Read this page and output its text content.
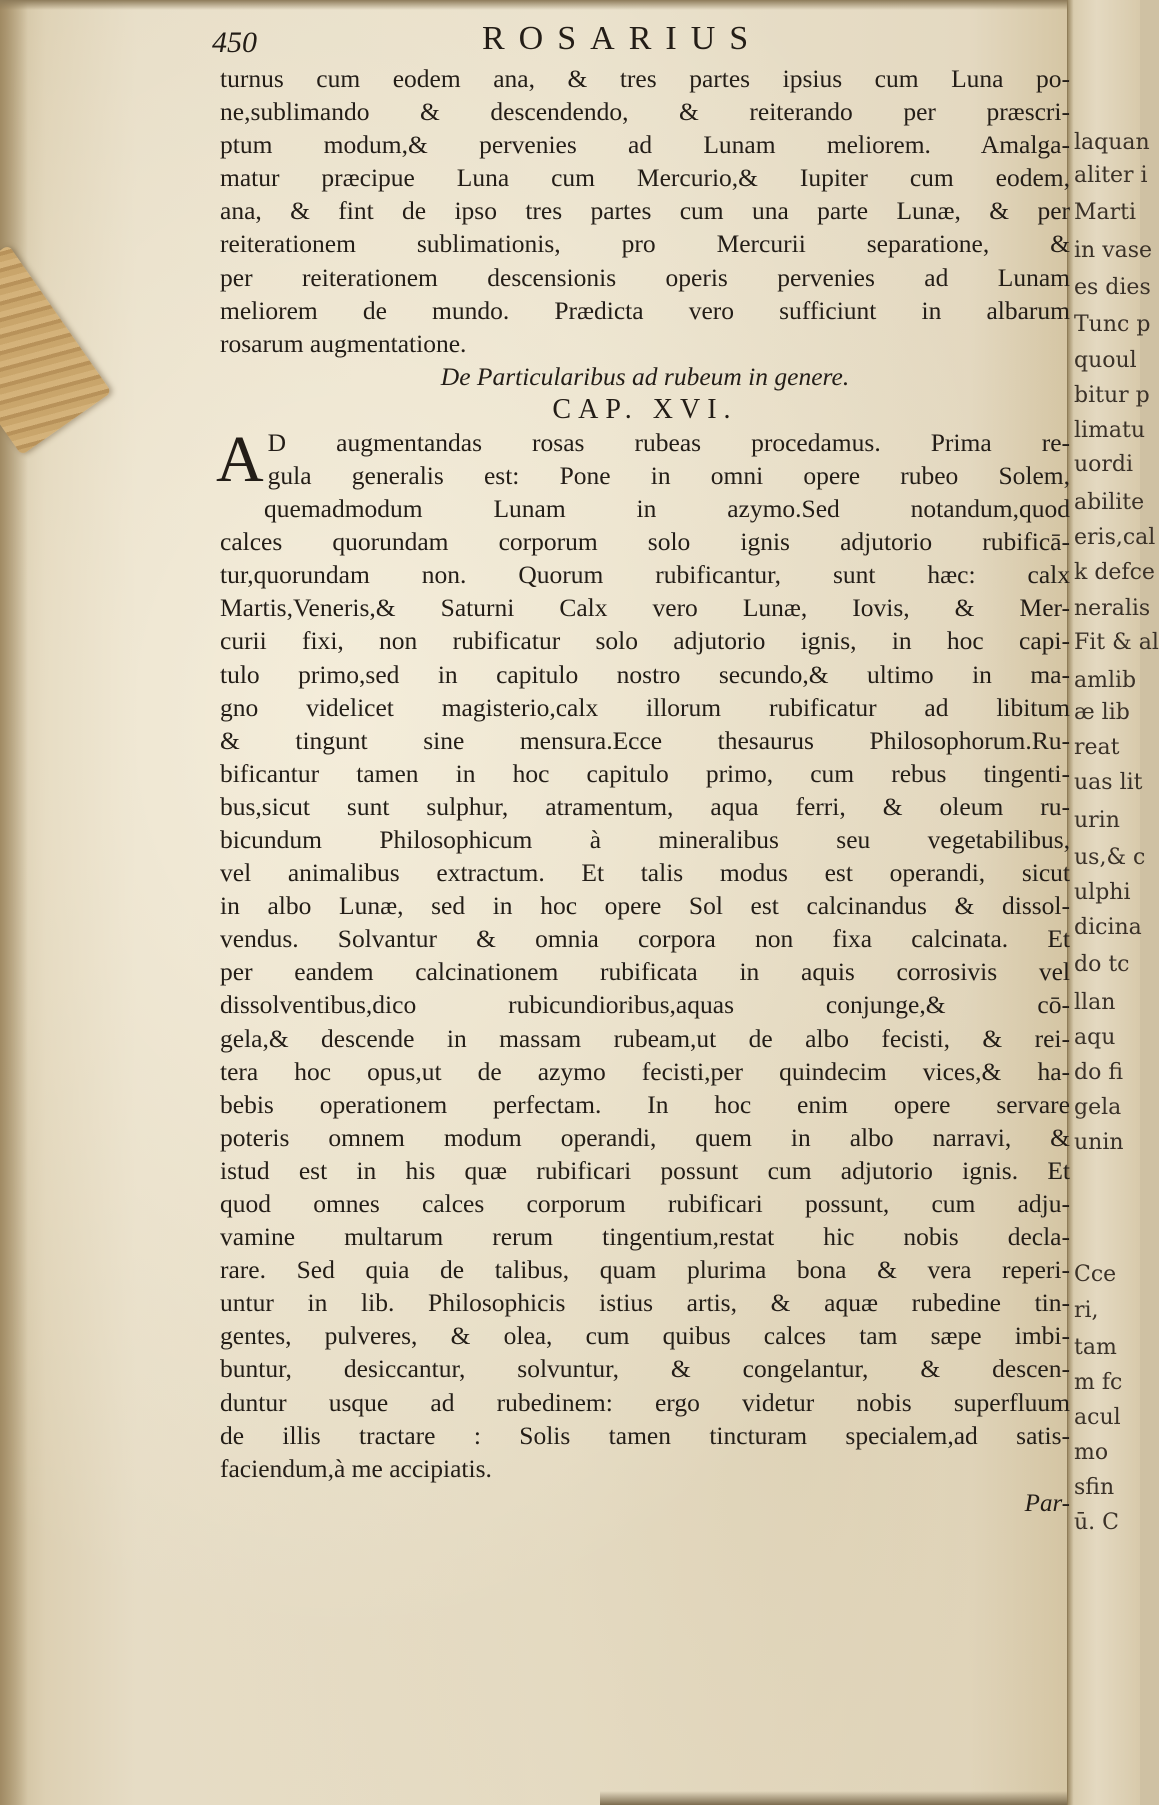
laquan
aliter i
Marti
in vase
es dies
Tunc p
quoul
bitur p
limatu
uordi
abilite
eris,cal
k defce
neralis
Fit & al
amlib
æ lib
reat
uas lit
urin
us,& c
ulphi
dicina
do tc
llan
aqu
do fi
gela
unin
Cce
ri,
tam
m fc
acul
mo
sfin
ū. C
450	ROSARIUS
turnus cum eodem ana, & tres partes ipsius cum Luna po-
ne,sublimando & descendendo, & reiterando per præscri-
ptum modum,& pervenies ad Lunam meliorem. Amalga-
matur præcipue Luna cum Mercurio,& Iupiter cum eodem,
ana, & fint de ipso tres partes cum una parte Lunæ, & per
reiterationem sublimationis, pro Mercurii separatione, &
per reiterationem descensionis operis pervenies ad Lunam
meliorem de mundo. Prædicta vero sufficiunt in albarum
rosarum augmentatione.
De Particularibus ad rubeum in genere.
CAP. XVI.
A D augmentandas rosas rubeas procedamus. Prima re-
gula generalis est: Pone in omni opere rubeo Solem,
quemadmodum Lunam in azymo.Sed notandum,quod
calces quorundam corporum solo ignis adjutorio rubificā-
tur,quorundam non. Quorum rubificantur, sunt hæc: calx
Martis,Veneris,& Saturni Calx vero Lunæ, Iovis, & Mer-
curii fixi, non rubificatur solo adjutorio ignis, in hoc capi-
tulo primo,sed in capitulo nostro secundo,& ultimo in ma-
gno videlicet magisterio,calx illorum rubificatur ad libitum
& tingunt sine mensura.Ecce thesaurus Philosophorum.Ru-
bificantur tamen in hoc capitulo primo, cum rebus tingenti-
bus,sicut sunt sulphur, atramentum, aqua ferri, & oleum ru-
bicundum Philosophicum à mineralibus seu vegetabilibus,
vel animalibus extractum. Et talis modus est operandi, sicut
in albo Lunæ, sed in hoc opere Sol est calcinandus & dissol-
vendus. Solvantur & omnia corpora non fixa calcinata. Et
per eandem calcinationem rubificata in aquis corrosivis vel
dissolventibus,dico rubicundioribus,aquas conjunge,& cō-
gela,& descende in massam rubeam,ut de albo fecisti, & rei-
tera hoc opus,ut de azymo fecisti,per quindecim vices,& ha-
bebis operationem perfectam. In hoc enim opere servare
poteris omnem modum operandi, quem in albo narravi, &
istud est in his quæ rubificari possunt cum adjutorio ignis. Et
quod omnes calces corporum rubificari possunt, cum adju-
vamine multarum rerum tingentium,restat hic nobis decla-
rare. Sed quia de talibus, quam plurima bona & vera reperi-
untur in lib. Philosophicis istius artis, & aquæ rubedine tin-
gentes, pulveres, & olea, cum quibus calces tam sæpe imbi-
buntur, desiccantur, solvuntur, & congelantur, & descen-
duntur usque ad rubedinem: ergo videtur nobis superfluum
de illis tractare : Solis tamen tincturam specialem,ad satis-
faciendum,à me accipiatis.
Par-
